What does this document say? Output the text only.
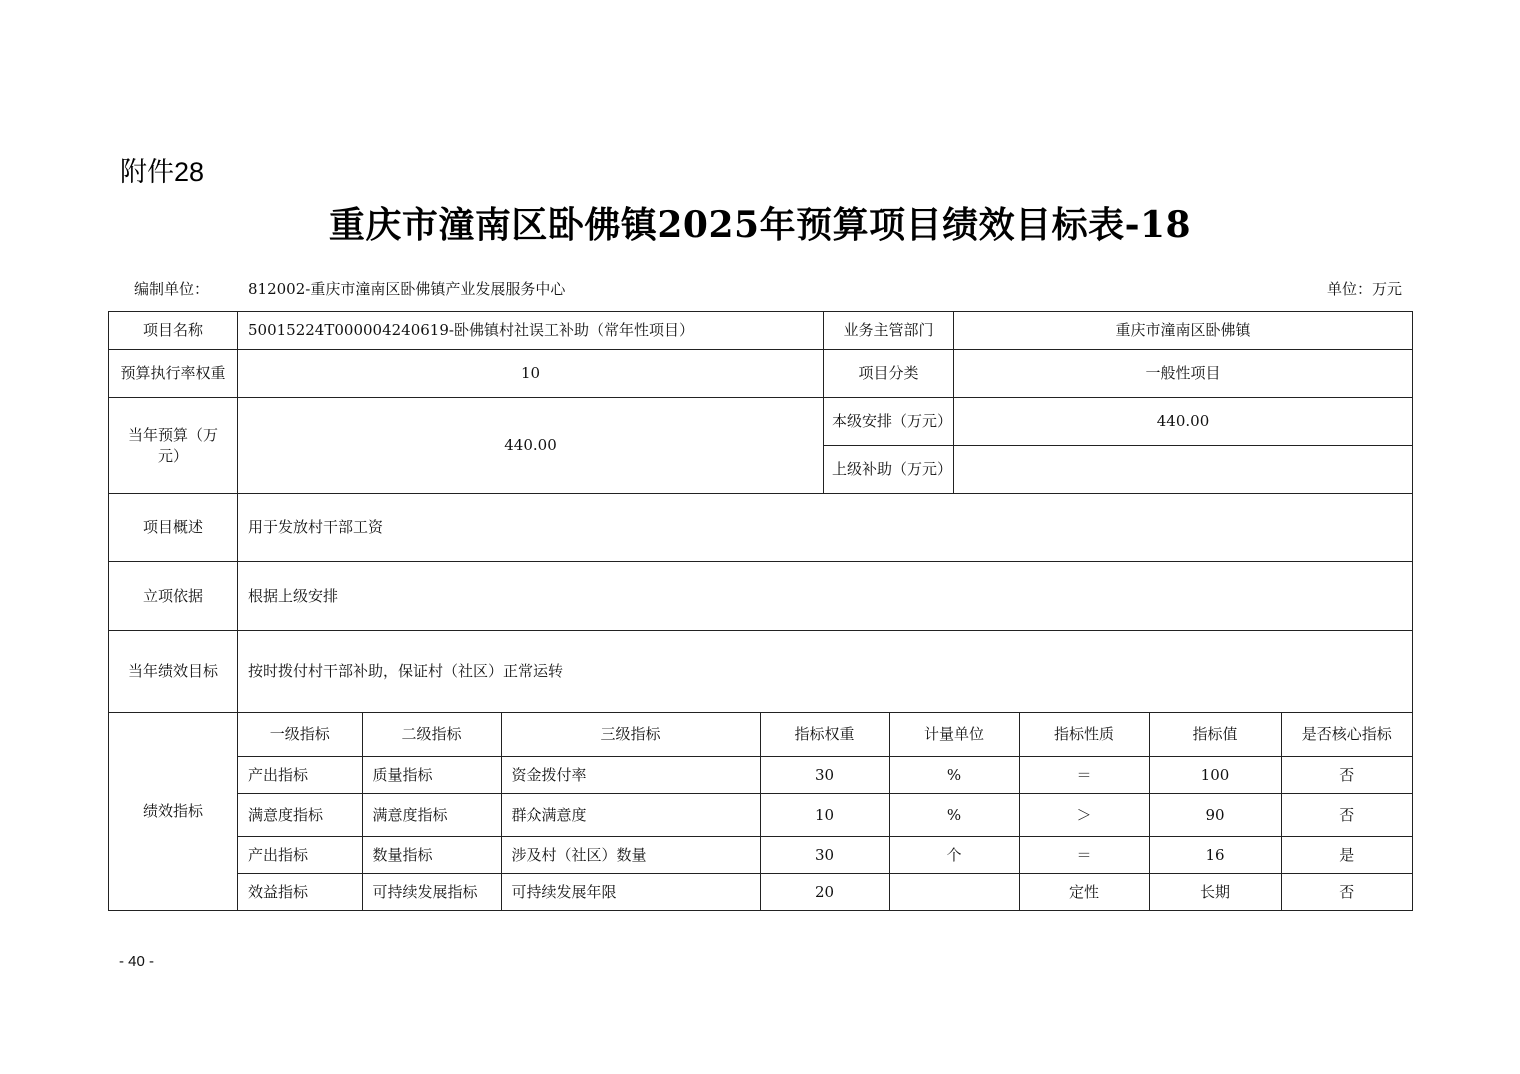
附件28
重庆市潼南区卧佛镇2025年预算项目绩效目标表-18
编制单位：	812002-重庆市潼南区卧佛镇产业发展服务中心	单位：万元
项目名称	50015224T000004240619-卧佛镇村社误工补助（常年性项目）	业务主管部门	重庆市潼南区卧佛镇
预算执行率权重	10	项目分类	一般性项目
当年预算（万元）	440.00	本级安排（万元）	440.00
上级补助（万元）	
项目概述	用于发放村干部工资
立项依据	根据上级安排
当年绩效目标	按时拨付村干部补助，保证村（社区）正常运转
绩效指标	
一级指标	二级指标	三级指标	指标权重	计量单位	指标性质	指标值	是否核心指标
产出指标	质量指标	资金拨付率	30	%	＝	100	否
满意度指标	满意度指标	群众满意度	10	%	＞	90	否
产出指标	数量指标	涉及村（社区）数量	30	个	＝	16	是
效益指标	可持续发展指标	可持续发展年限	20		定性	长期	否
- 40 -
